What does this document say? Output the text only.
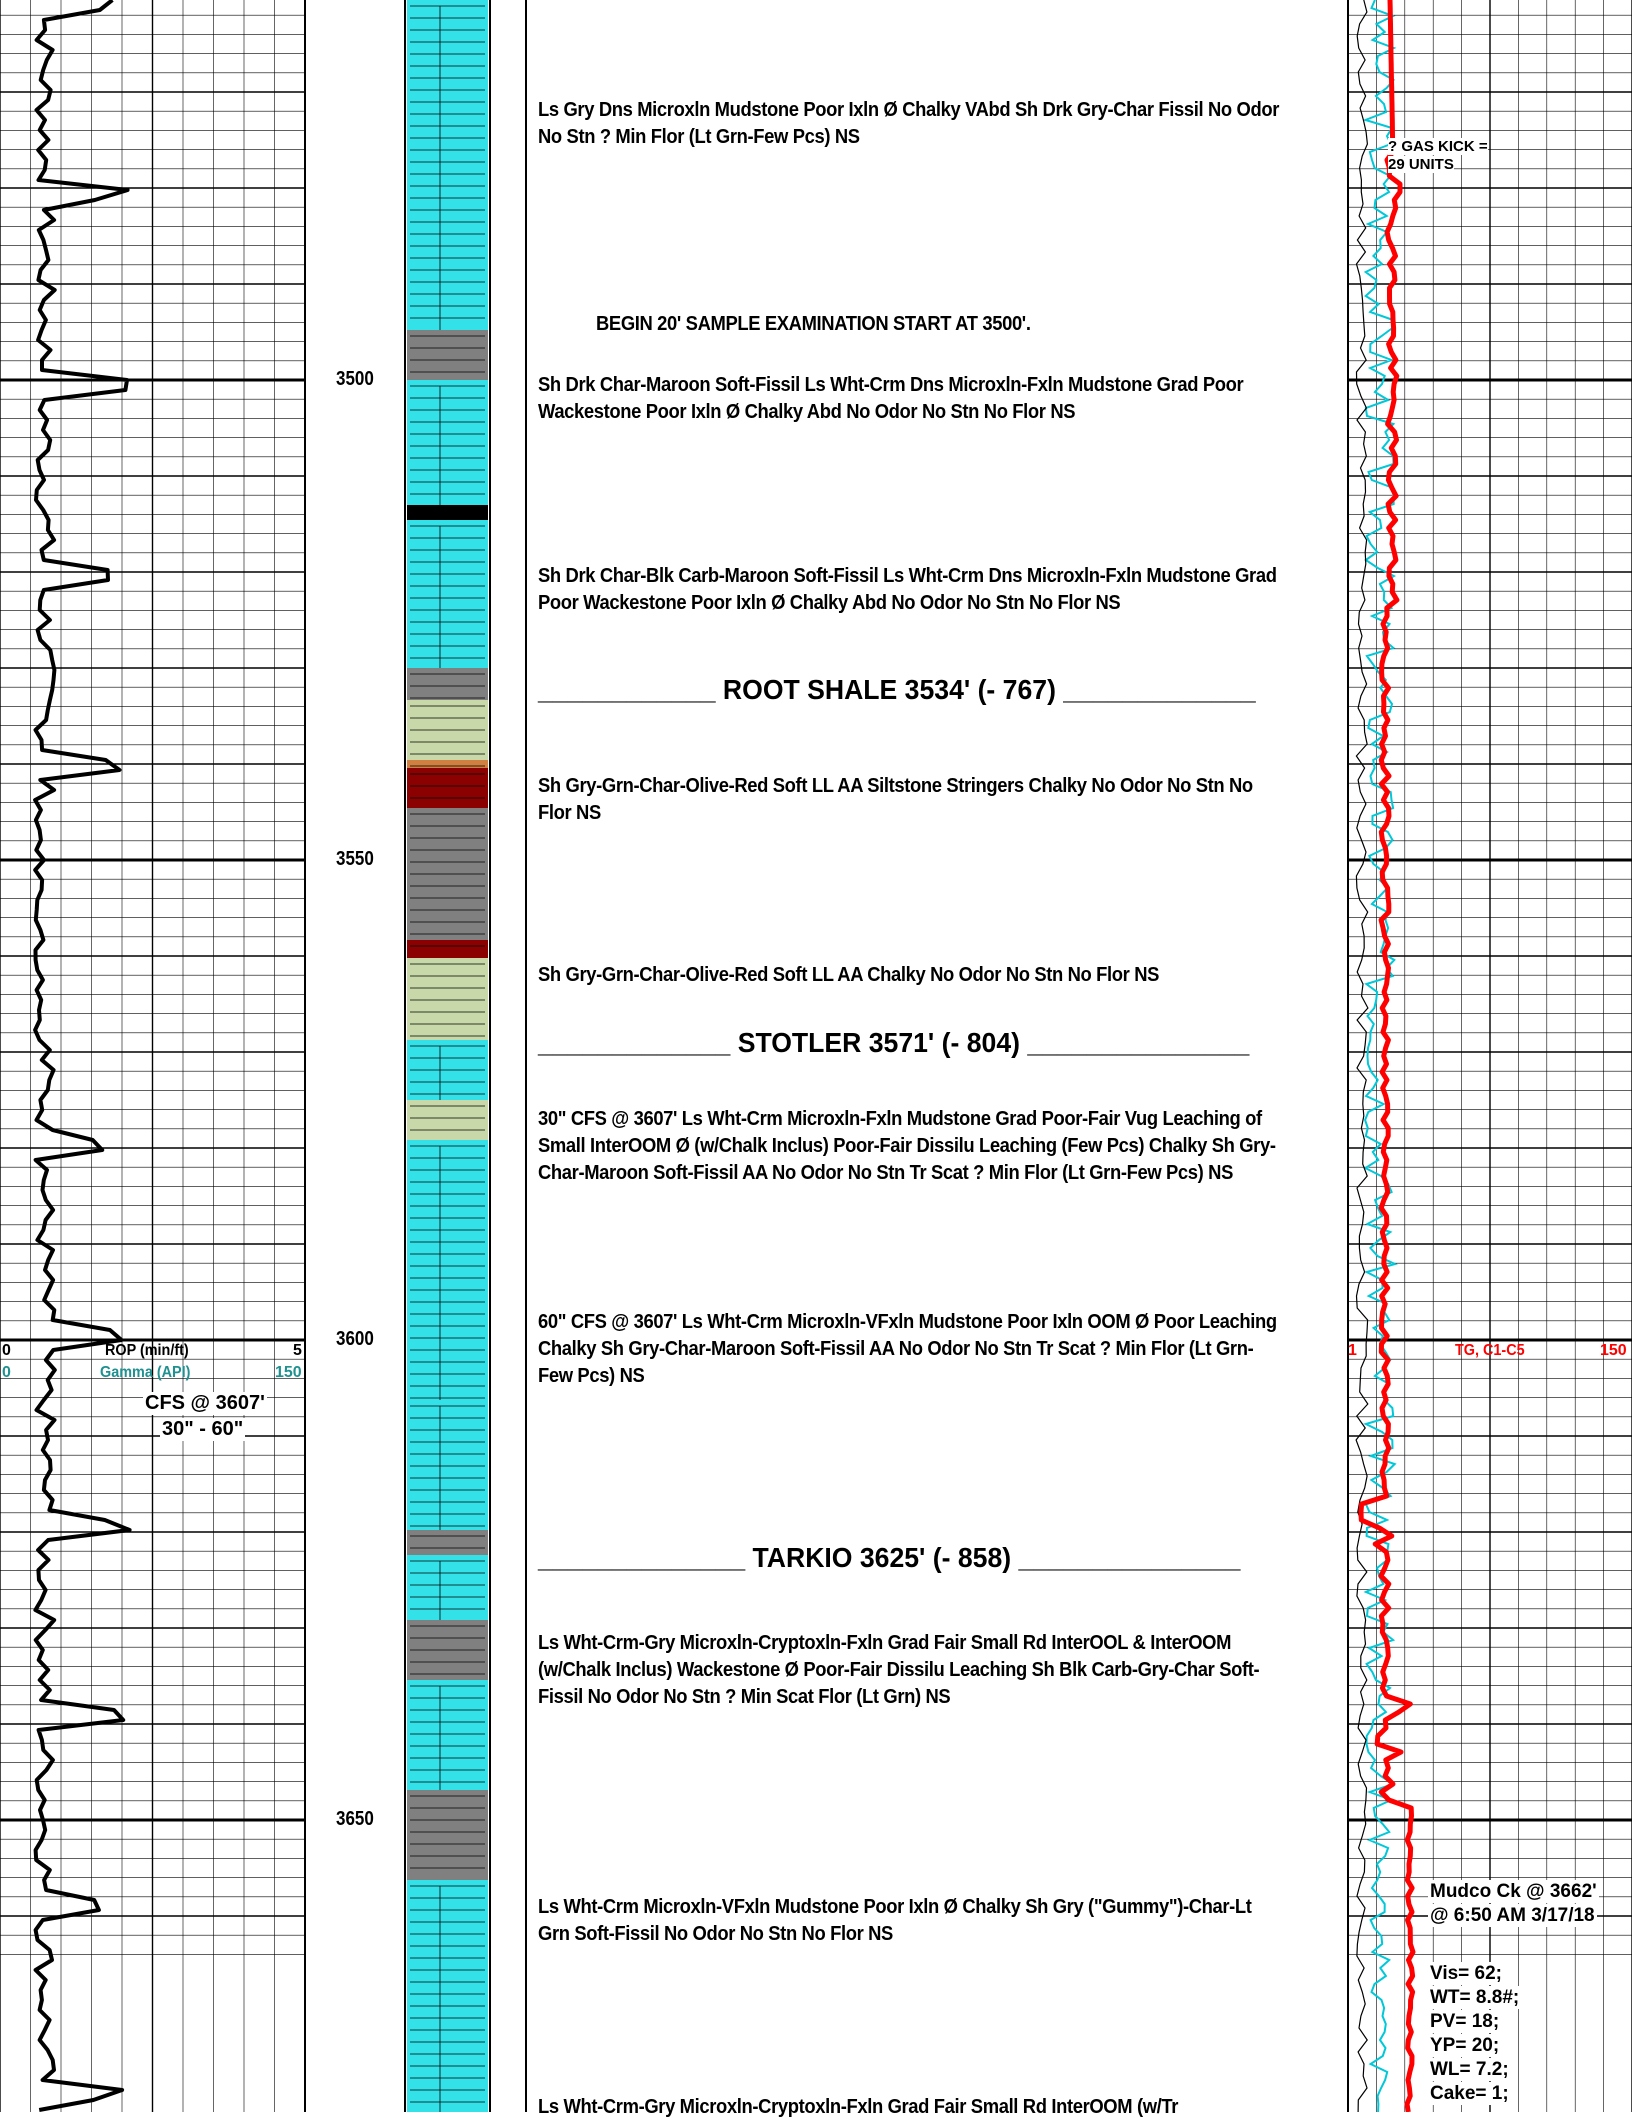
3500
3550
3600
3650
0	ROP (min/ft)	5
0	Gamma (API)	150
CFS @ 3607'
30" - 60"
Ls Gry Dns Microxln Mudstone Poor Ixln Ø Chalky VAbd Sh Drk Gry-Char Fissil No Odor No Stn ? Min Flor (Lt Grn-Few Pcs) NS
BEGIN 20' SAMPLE EXAMINATION START AT 3500'.
Sh Drk Char-Maroon Soft-Fissil Ls Wht-Crm Dns Microxln-Fxln Mudstone Grad Poor Wackestone Poor Ixln Ø Chalky Abd No Odor No Stn No Flor NS
Sh Drk Char-Blk Carb-Maroon Soft-Fissil Ls Wht-Crm Dns Microxln-Fxln Mudstone Grad Poor Wackestone Poor Ixln Ø Chalky Abd No Odor No Stn No Flor NS
____________ ROOT SHALE 3534' (- 767) _____________
Sh Gry-Grn-Char-Olive-Red Soft LL AA Siltstone Stringers Chalky No Odor No Stn No Flor NS
Sh Gry-Grn-Char-Olive-Red Soft LL AA Chalky No Odor No Stn No Flor NS
_____________ STOTLER 3571' (- 804) _______________
30" CFS @ 3607' Ls Wht-Crm Microxln-Fxln Mudstone Grad Poor-Fair Vug Leaching of Small InterOOM Ø (w/Chalk Inclus) Poor-Fair Dissilu Leaching (Few Pcs) Chalky Sh Gry-Char-Maroon Soft-Fissil AA No Odor No Stn Tr Scat ? Min Flor (Lt Grn-Few Pcs) NS
60" CFS @ 3607' Ls Wht-Crm Microxln-VFxln Mudstone Poor Ixln OOM Ø Poor Leaching Chalky Sh Gry-Char-Maroon Soft-Fissil AA No Odor No Stn Tr Scat ? Min Flor (Lt Grn-Few Pcs) NS
______________ TARKIO 3625' (- 858) _______________
Ls Wht-Crm-Gry Microxln-Cryptoxln-Fxln Grad Fair Small Rd InterOOL & InterOOM (w/Chalk Inclus) Wackestone Ø Poor-Fair Dissilu Leaching Sh Blk Carb-Gry-Char Soft-Fissil No Odor No Stn ? Min Scat Flor (Lt Grn) NS
Ls Wht-Crm Microxln-VFxln Mudstone Poor Ixln Ø Chalky Sh Gry ("Gummy")-Char-Lt Grn Soft-Fissil No Odor No Stn No Flor NS
Ls Wht-Crm-Gry Microxln-Cryptoxln-Fxln Grad Fair Small Rd InterOOM (w/Tr
1	TG, C1-C5	150
? GAS KICK =
29 UNITS
Mudco Ck @ 3662'
@ 6:50 AM 3/17/18
Vis= 62;
WT= 8.8#;
PV= 18;
YP= 20;
WL= 7.2;
Cake= 1;
